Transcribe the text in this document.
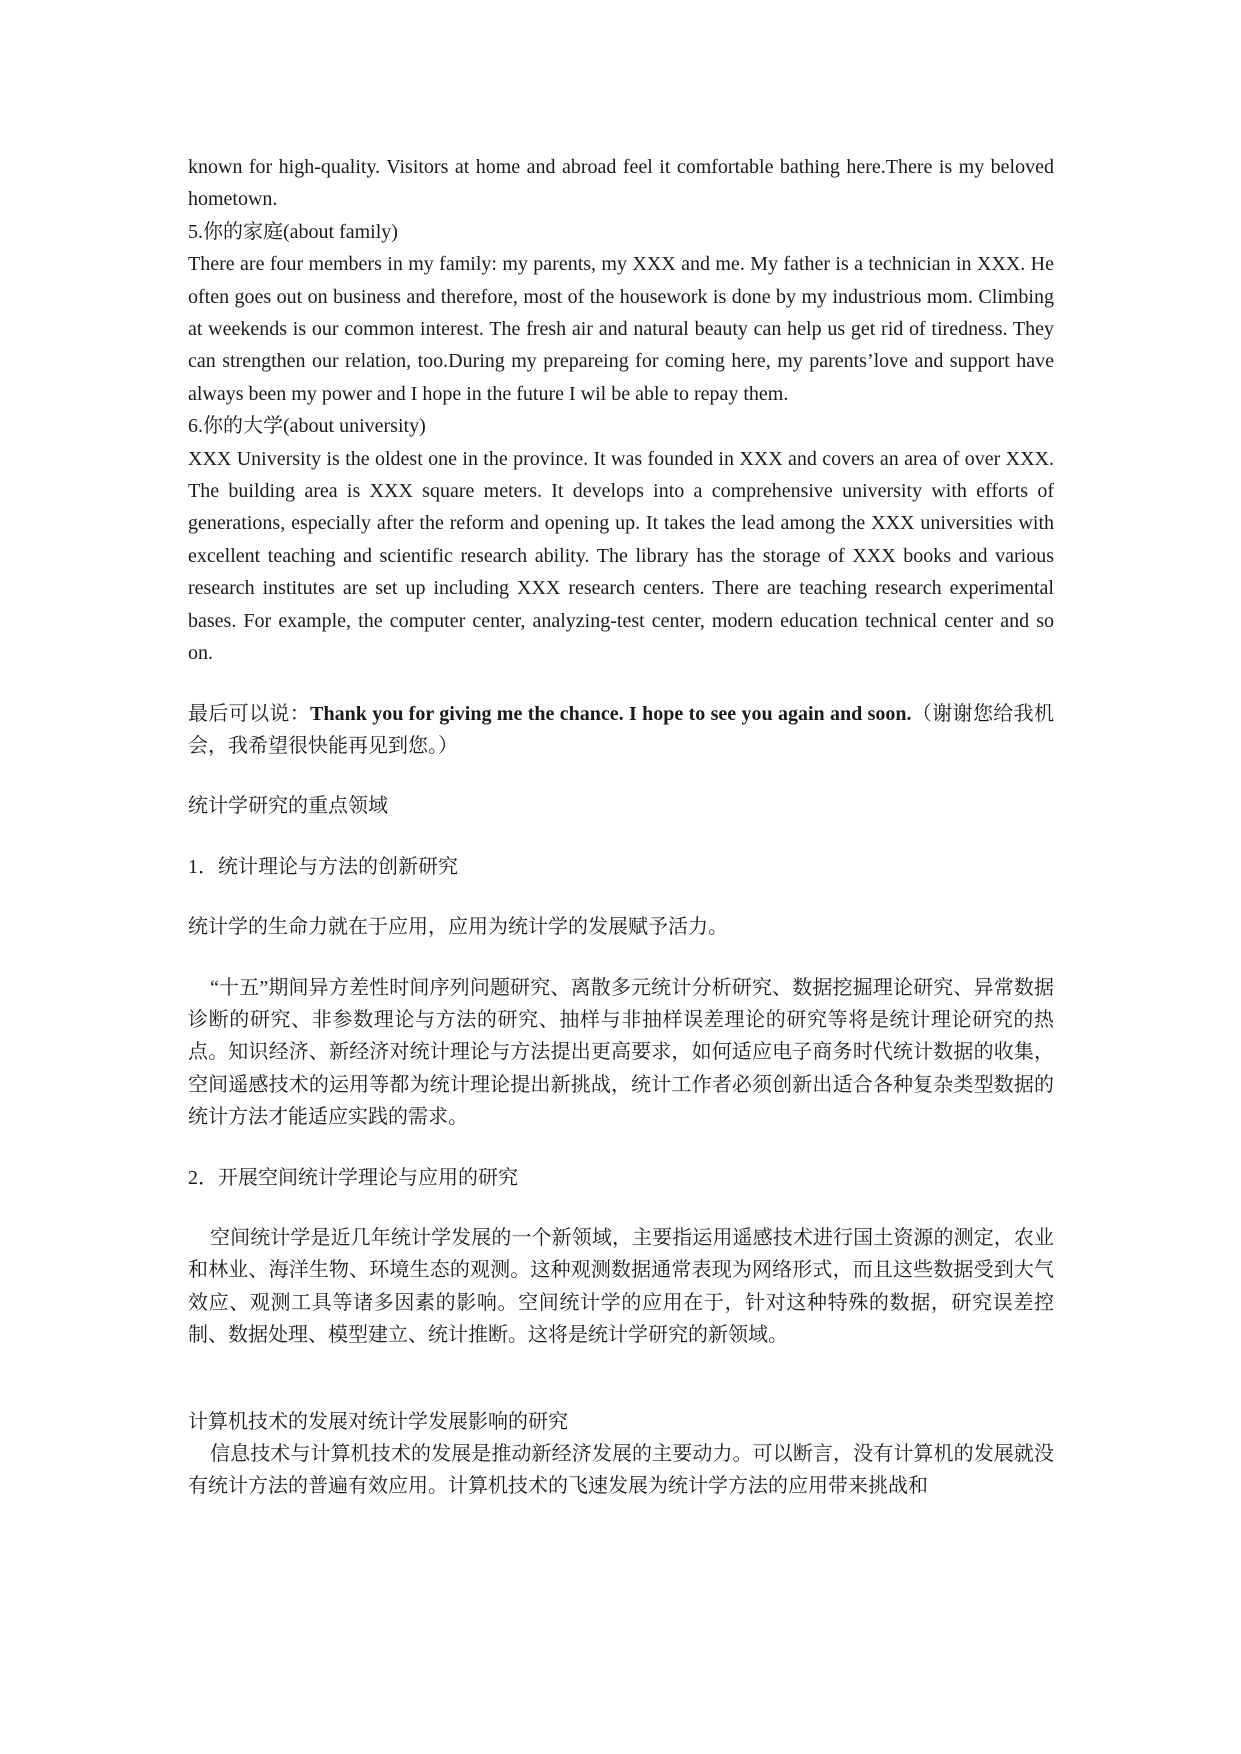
known for high-quality. Visitors at home and abroad feel it comfortable bathing here.There is my beloved hometown.

5.你的家庭(about family)

There are four members in my family: my parents, my XXX and me. My father is a technician in XXX. He often goes out on business and therefore, most of the housework is done by my industrious mom. Climbing at weekends is our common interest. The fresh air and natural beauty can help us get rid of tiredness. They can strengthen our relation, too.During my prepareing for coming here, my parents’love and support have always been my power and I hope in the future I wil be able to repay them.

6.你的大学(about university)

XXX University is the oldest one in the province. It was founded in XXX and covers an area of over XXX. The building area is XXX square meters. It develops into a comprehensive university with efforts of generations, especially after the reform and opening up. It takes the lead among the XXX universities with excellent teaching and scientific research ability. The library has the storage of XXX books and various research institutes are set up including XXX research centers. There are teaching research experimental bases. For example, the computer center, analyzing-test center, modern education technical center and so on.

最后可以说：Thank you for giving me the chance. I hope to see you again and soon.（谢谢您给我机会，我希望很快能再见到您。）

统计学研究的重点领域

1．统计理论与方法的创新研究

统计学的生命力就在于应用，应用为统计学的发展赋予活力。

“十五”期间异方差性时间序列问题研究、离散多元统计分析研究、数据挖掘理论研究、异常数据诊断的研究、非参数理论与方法的研究、抽样与非抽样误差理论的研究等将是统计理论研究的热点。知识经济、新经济对统计理论与方法提出更高要求，如何适应电子商务时代统计数据的收集，空间遥感技术的运用等都为统计理论提出新挑战，统计工作者必须创新出适合各种复杂类型数据的统计方法才能适应实践的需求。

2．开展空间统计学理论与应用的研究

空间统计学是近几年统计学发展的一个新领域，主要指运用遥感技术进行国土资源的测定，农业和林业、海洋生物、环境生态的观测。这种观测数据通常表现为网络形式，而且这些数据受到大气效应、观测工具等诸多因素的影响。空间统计学的应用在于，针对这种特殊的数据，研究误差控制、数据处理、模型建立、统计推断。这将是统计学研究的新领域。

计算机技术的发展对统计学发展影响的研究

信息技术与计算机技术的发展是推动新经济发展的主要动力。可以断言，没有计算机的发展就没有统计方法的普遍有效应用。计算机技术的飞速发展为统计学方法的应用带来挑战和
